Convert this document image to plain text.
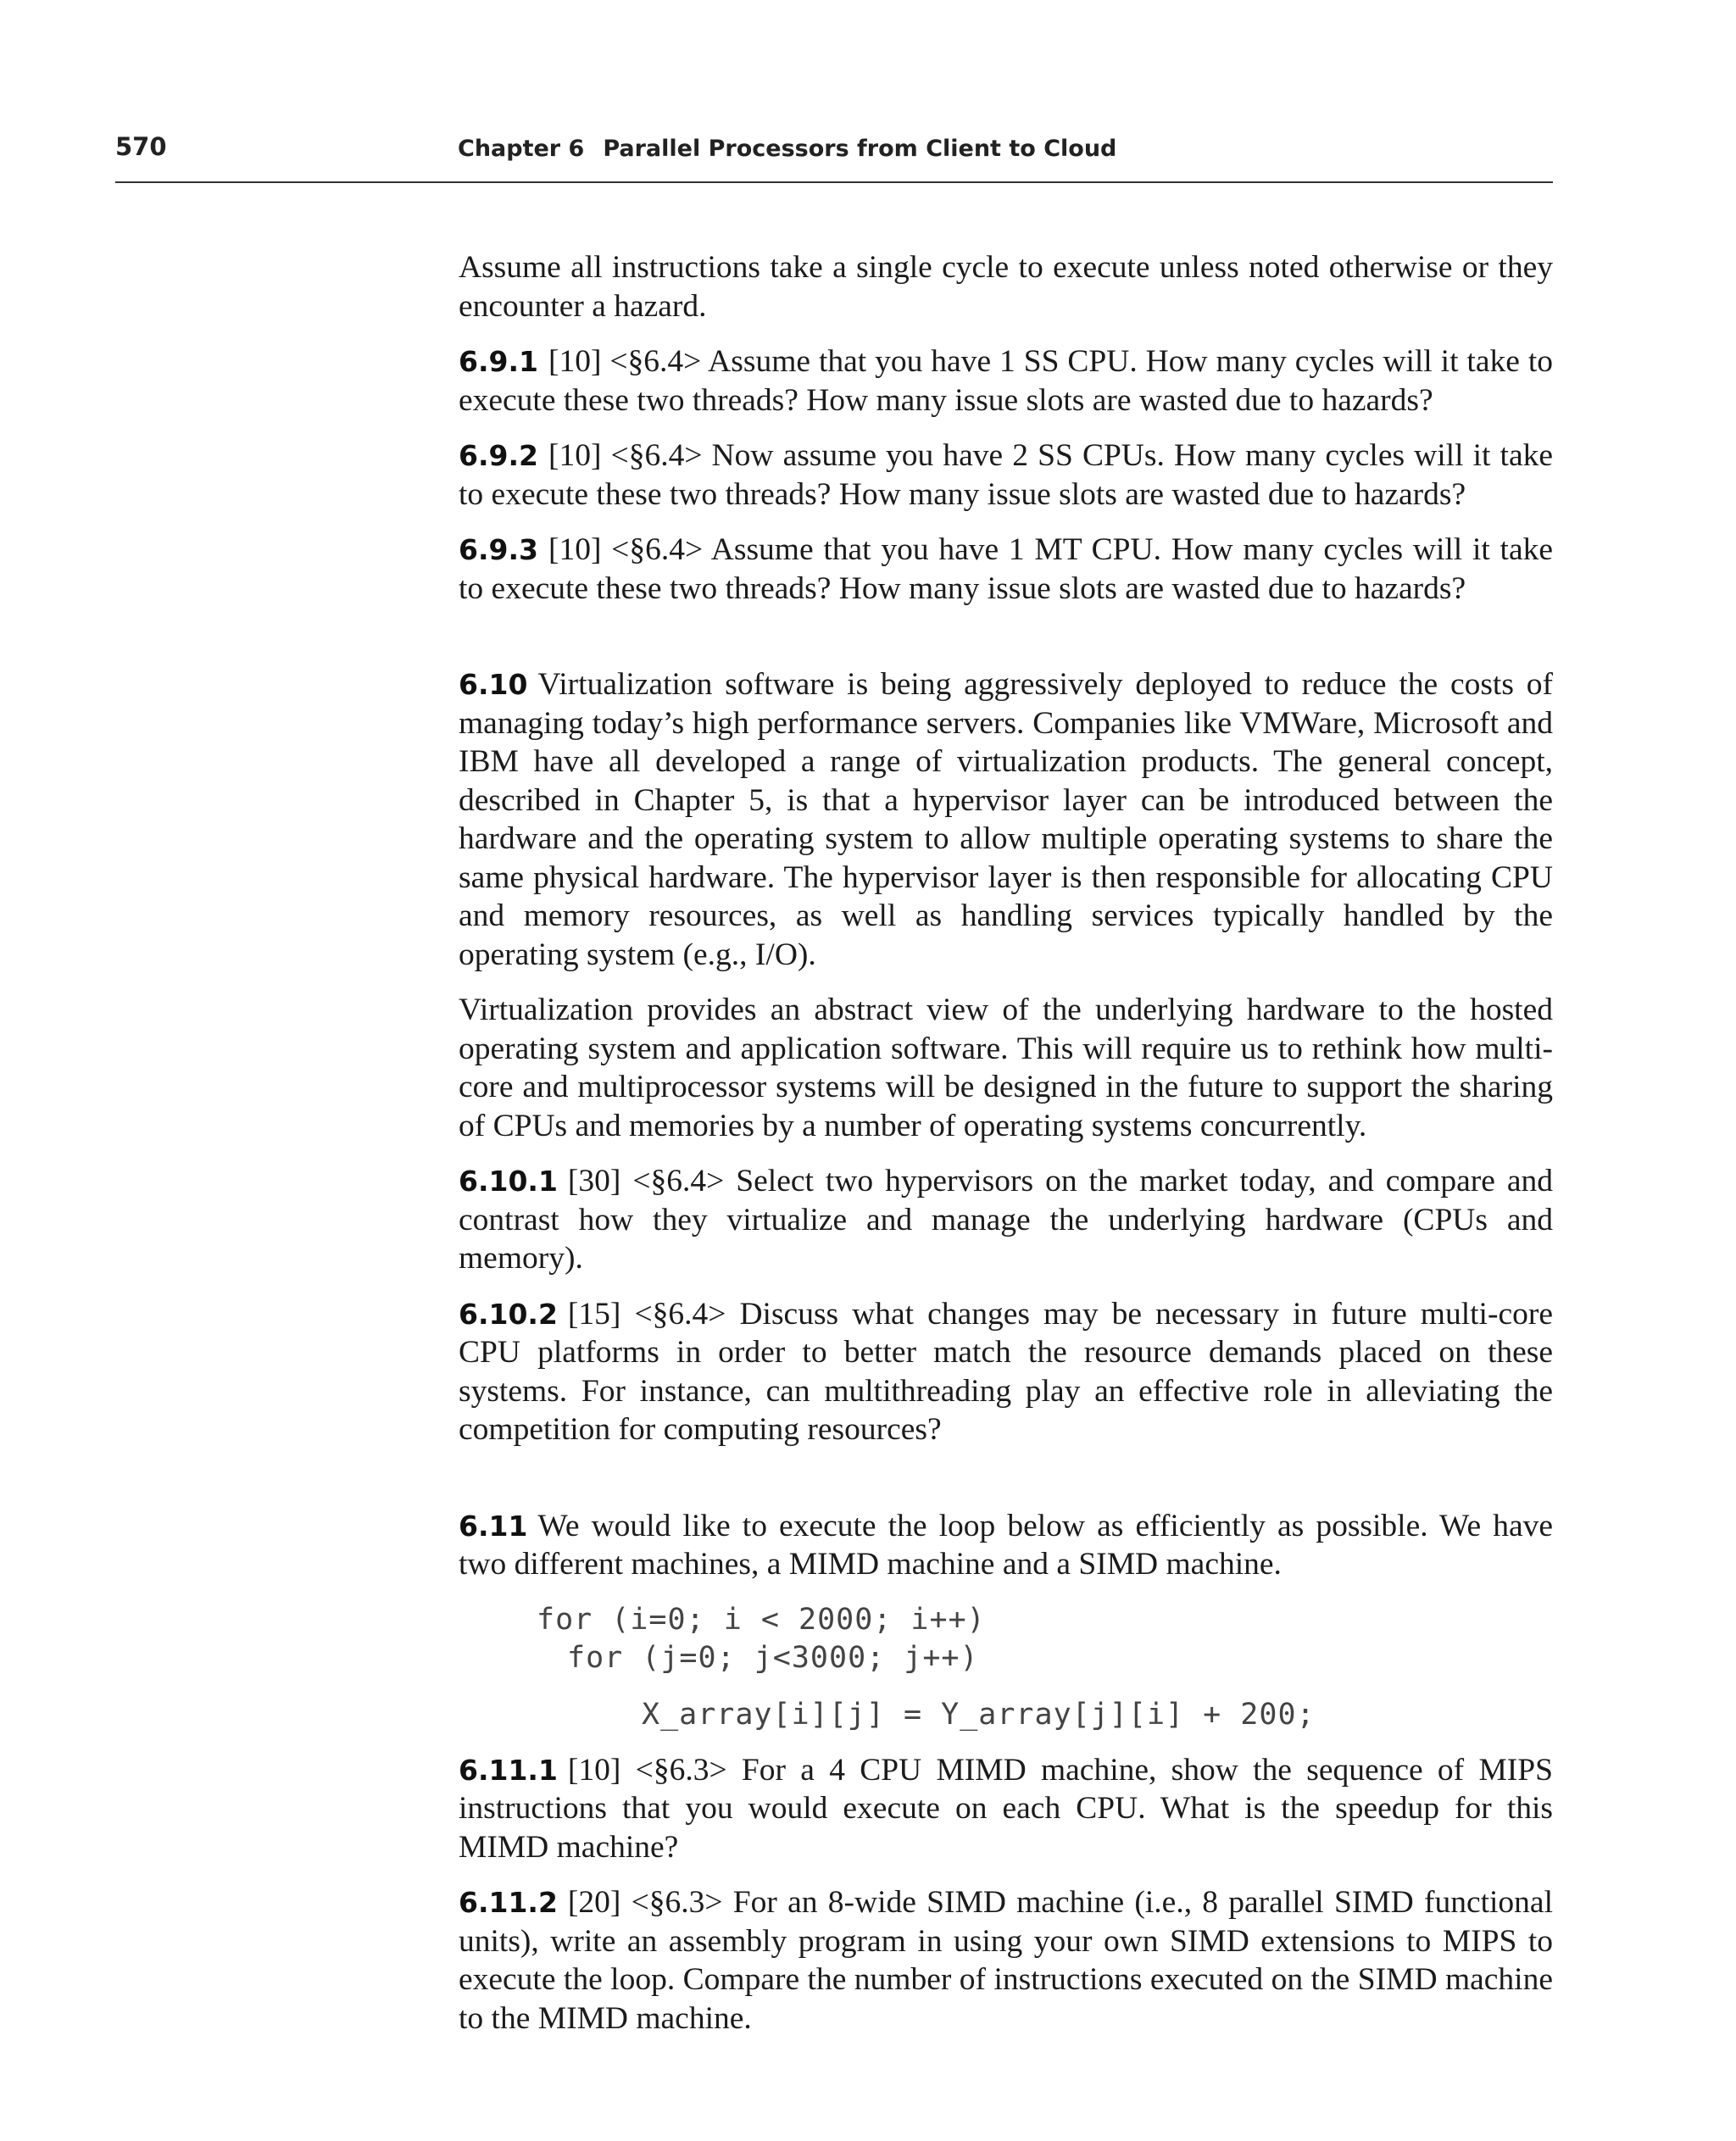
570	Chapter 6 Parallel Processors from Client to Cloud

Assume all instructions take a single cycle to execute unless noted otherwise or they encounter a hazard.

6.9.1 [10] <§6.4> Assume that you have 1 SS CPU. How many cycles will it take to execute these two threads? How many issue slots are wasted due to hazards?

6.9.2 [10] <§6.4> Now assume you have 2 SS CPUs. How many cycles will it take to execute these two threads? How many issue slots are wasted due to hazards?

6.9.3 [10] <§6.4> Assume that you have 1 MT CPU. How many cycles will it take to execute these two threads? How many issue slots are wasted due to hazards?

6.10 Virtualization software is being aggressively deployed to reduce the costs of managing today’s high performance servers. Companies like VMWare, Microsoft and IBM have all developed a range of virtualization products. The general concept, described in Chapter 5, is that a hypervisor layer can be introduced between the hardware and the operating system to allow multiple operating systems to share the same physical hardware. The hypervisor layer is then responsible for allocating CPU and memory resources, as well as handling services typically handled by the operating system (e.g., I/O).

Virtualization provides an abstract view of the underlying hardware to the hosted operating system and application software. This will require us to rethink how multi-core and multiprocessor systems will be designed in the future to support the sharing of CPUs and memories by a number of operating systems concurrently.

6.10.1 [30] <§6.4> Select two hypervisors on the market today, and compare and contrast how they virtualize and manage the underlying hardware (CPUs and memory).

6.10.2 [15] <§6.4> Discuss what changes may be necessary in future multi-core CPU platforms in order to better match the resource demands placed on these systems. For instance, can multithreading play an effective role in alleviating the competition for computing resources?

6.11 We would like to execute the loop below as efficiently as possible. We have two different machines, a MIMD machine and a SIMD machine.

for (i=0; i < 2000; i++)
for (j=0; j<3000; j++)
X_array[i][j] = Y_array[j][i] + 200;

6.11.1 [10] <§6.3> For a 4 CPU MIMD machine, show the sequence of MIPS instructions that you would execute on each CPU. What is the speedup for this MIMD machine?

6.11.2 [20] <§6.3> For an 8-wide SIMD machine (i.e., 8 parallel SIMD functional units), write an assembly program in using your own SIMD extensions to MIPS to execute the loop. Compare the number of instructions executed on the SIMD machine to the MIMD machine.
